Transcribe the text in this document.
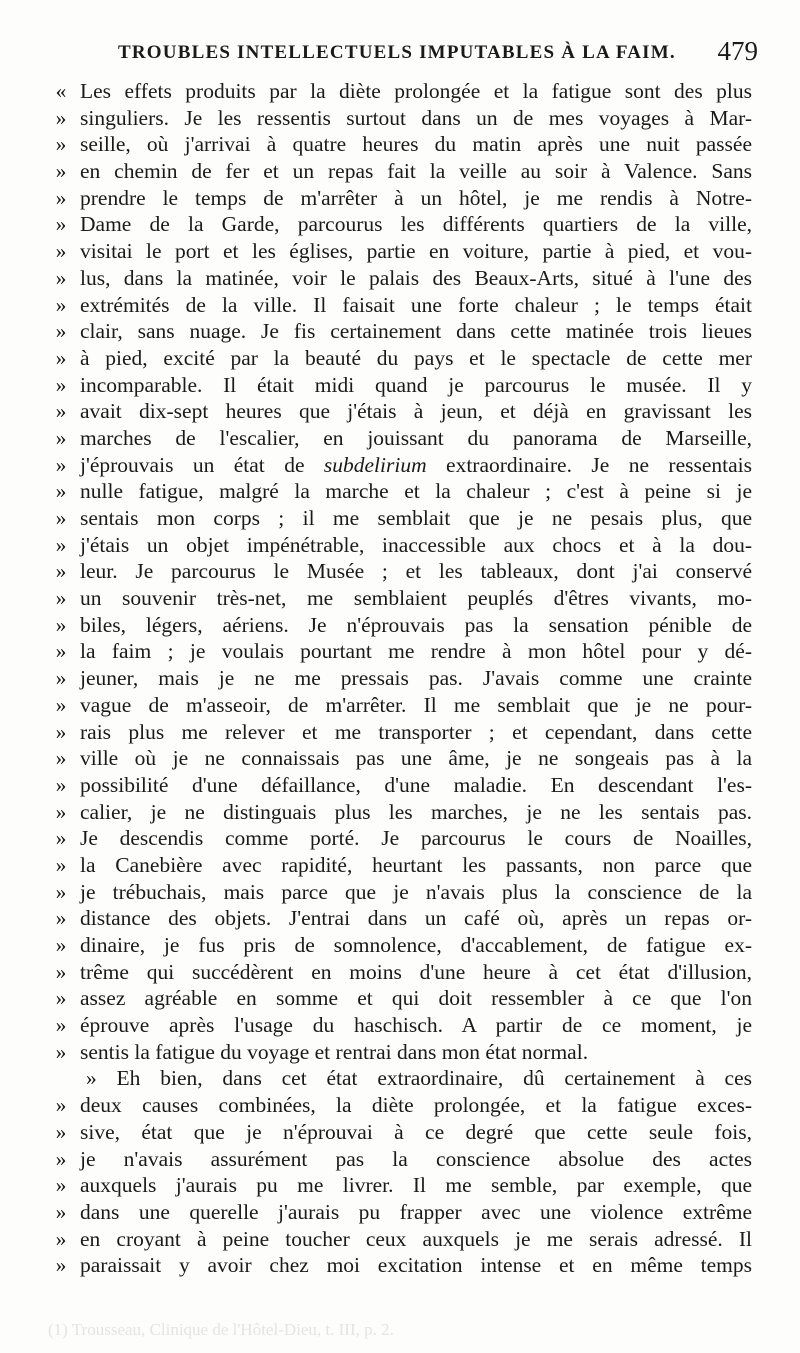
TROUBLES INTELLECTUELS IMPUTABLES À LA FAIM. 479
« Les effets produits par la diète prolongée et la fatigue sont des plus
» singuliers. Je les ressentis surtout dans un de mes voyages à Mar-
» seille, où j'arrivai à quatre heures du matin après une nuit passée
» en chemin de fer et un repas fait la veille au soir à Valence. Sans
» prendre le temps de m'arrêter à un hôtel, je me rendis à Notre-
» Dame de la Garde, parcourus les différents quartiers de la ville,
» visitai le port et les églises, partie en voiture, partie à pied, et vou-
» lus, dans la matinée, voir le palais des Beaux-Arts, situé à l'une des
» extrémités de la ville. Il faisait une forte chaleur ; le temps était
» clair, sans nuage. Je fis certainement dans cette matinée trois lieues
» à pied, excité par la beauté du pays et le spectacle de cette mer
» incomparable. Il était midi quand je parcourus le musée. Il y
» avait dix-sept heures que j'étais à jeun, et déjà en gravissant les
» marches de l'escalier, en jouissant du panorama de Marseille,
» j'éprouvais un état de subdelirium extraordinaire. Je ne ressentais
» nulle fatigue, malgré la marche et la chaleur ; c'est à peine si je
» sentais mon corps ; il me semblait que je ne pesais plus, que
» j'étais un objet impénétrable, inaccessible aux chocs et à la dou-
» leur. Je parcourus le Musée ; et les tableaux, dont j'ai conservé
» un souvenir très-net, me semblaient peuplés d'êtres vivants, mo-
» biles, légers, aériens. Je n'éprouvais pas la sensation pénible de
» la faim ; je voulais pourtant me rendre à mon hôtel pour y dé-
» jeuner, mais je ne me pressais pas. J'avais comme une crainte
» vague de m'asseoir, de m'arrêter. Il me semblait que je ne pour-
» rais plus me relever et me transporter ; et cependant, dans cette
» ville où je ne connaissais pas une âme, je ne songeais pas à la
» possibilité d'une défaillance, d'une maladie. En descendant l'es-
» calier, je ne distinguais plus les marches, je ne les sentais pas.
» Je descendis comme porté. Je parcourus le cours de Noailles,
» la Canebière avec rapidité, heurtant les passants, non parce que
» je trébuchais, mais parce que je n'avais plus la conscience de la
» distance des objets. J'entrai dans un café où, après un repas or-
» dinaire, je fus pris de somnolence, d'accablement, de fatigue ex-
» trême qui succédèrent en moins d'une heure à cet état d'illusion,
» assez agréable en somme et qui doit ressembler à ce que l'on
» éprouve après l'usage du haschisch. A partir de ce moment, je
» sentis la fatigue du voyage et rentrai dans mon état normal.
» Eh bien, dans cet état extraordinaire, dû certainement à ces
» deux causes combinées, la diète prolongée, et la fatigue exces-
» sive, état que je n'éprouvai à ce degré que cette seule fois,
» je n'avais assurément pas la conscience absolue des actes
» auxquels j'aurais pu me livrer. Il me semble, par exemple, que
» dans une querelle j'aurais pu frapper avec une violence extrême
» en croyant à peine toucher ceux auxquels je me serais adressé. Il
» paraissait y avoir chez moi excitation intense et en même temps
(1) Trousseau, Clinique de l'Hôtel-Dieu, t. III, p. 2.
